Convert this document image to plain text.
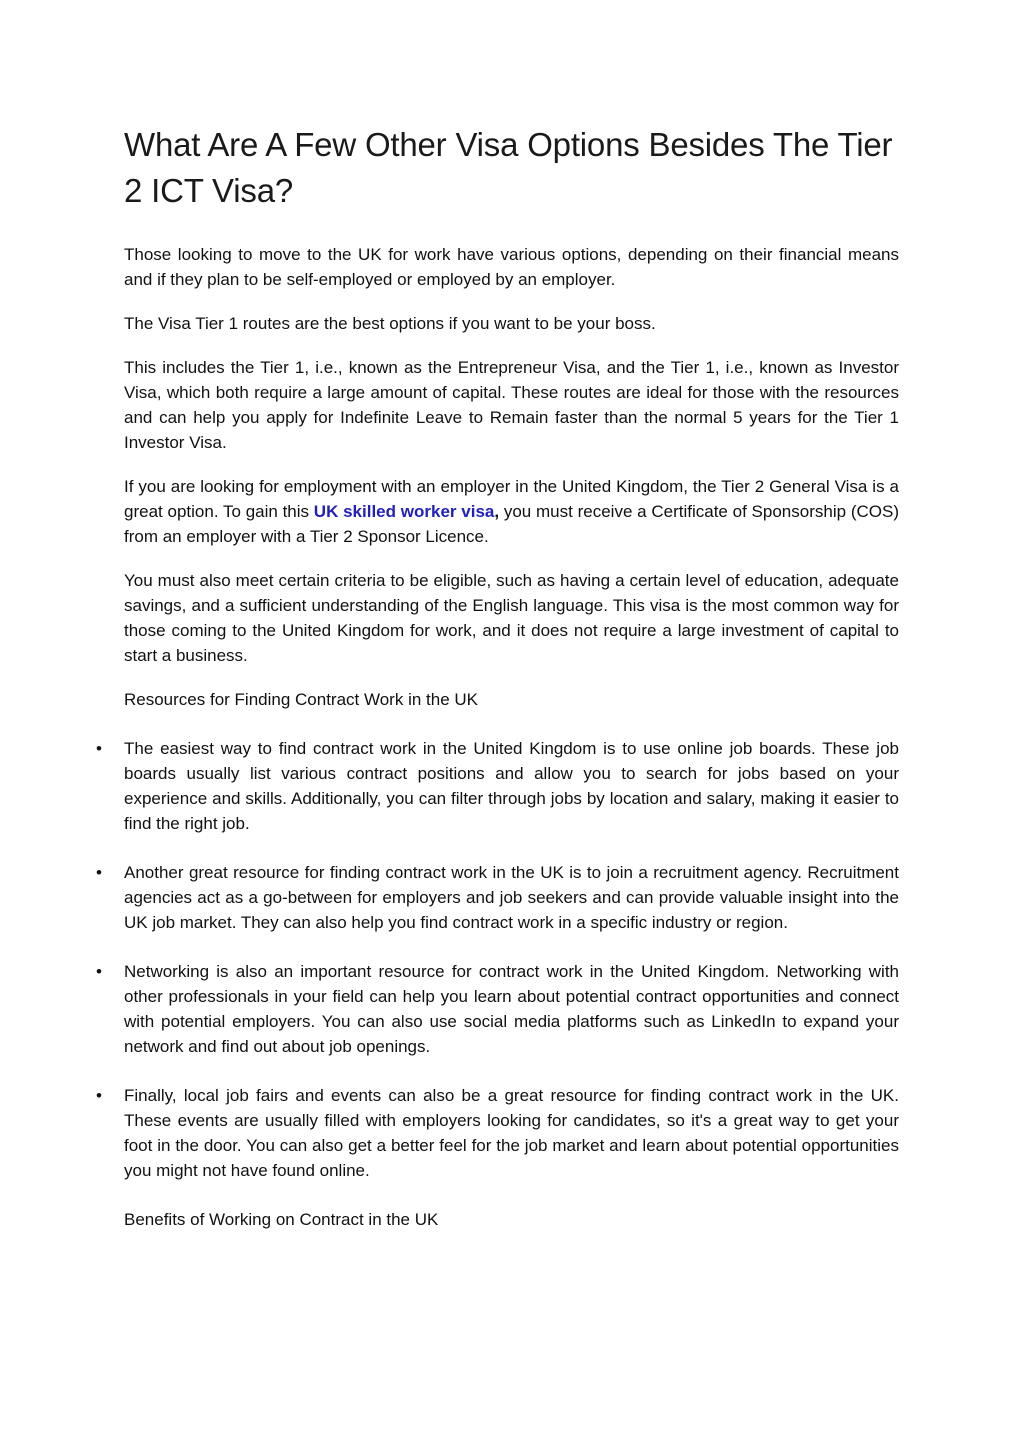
What Are A Few Other Visa Options Besides The Tier 2 ICT Visa?

Those looking to move to the UK for work have various options, depending on their financial means and if they plan to be self-employed or employed by an employer.

The Visa Tier 1 routes are the best options if you want to be your boss.

This includes the Tier 1, i.e., known as the Entrepreneur Visa, and the Tier 1, i.e., known as Investor Visa, which both require a large amount of capital. These routes are ideal for those with the resources and can help you apply for Indefinite Leave to Remain faster than the normal 5 years for the Tier 1 Investor Visa.

If you are looking for employment with an employer in the United Kingdom, the Tier 2 General Visa is a great option. To gain this UK skilled worker visa, you must receive a Certificate of Sponsorship (COS) from an employer with a Tier 2 Sponsor Licence.

You must also meet certain criteria to be eligible, such as having a certain level of education, adequate savings, and a sufficient understanding of the English language. This visa is the most common way for those coming to the United Kingdom for work, and it does not require a large investment of capital to start a business.

Resources for Finding Contract Work in the UK

• The easiest way to find contract work in the United Kingdom is to use online job boards. These job boards usually list various contract positions and allow you to search for jobs based on your experience and skills. Additionally, you can filter through jobs by location and salary, making it easier to find the right job.
• Another great resource for finding contract work in the UK is to join a recruitment agency. Recruitment agencies act as a go-between for employers and job seekers and can provide valuable insight into the UK job market. They can also help you find contract work in a specific industry or region.
• Networking is also an important resource for contract work in the United Kingdom. Networking with other professionals in your field can help you learn about potential contract opportunities and connect with potential employers. You can also use social media platforms such as LinkedIn to expand your network and find out about job openings.
• Finally, local job fairs and events can also be a great resource for finding contract work in the UK. These events are usually filled with employers looking for candidates, so it's a great way to get your foot in the door. You can also get a better feel for the job market and learn about potential opportunities you might not have found online.

Benefits of Working on Contract in the UK
